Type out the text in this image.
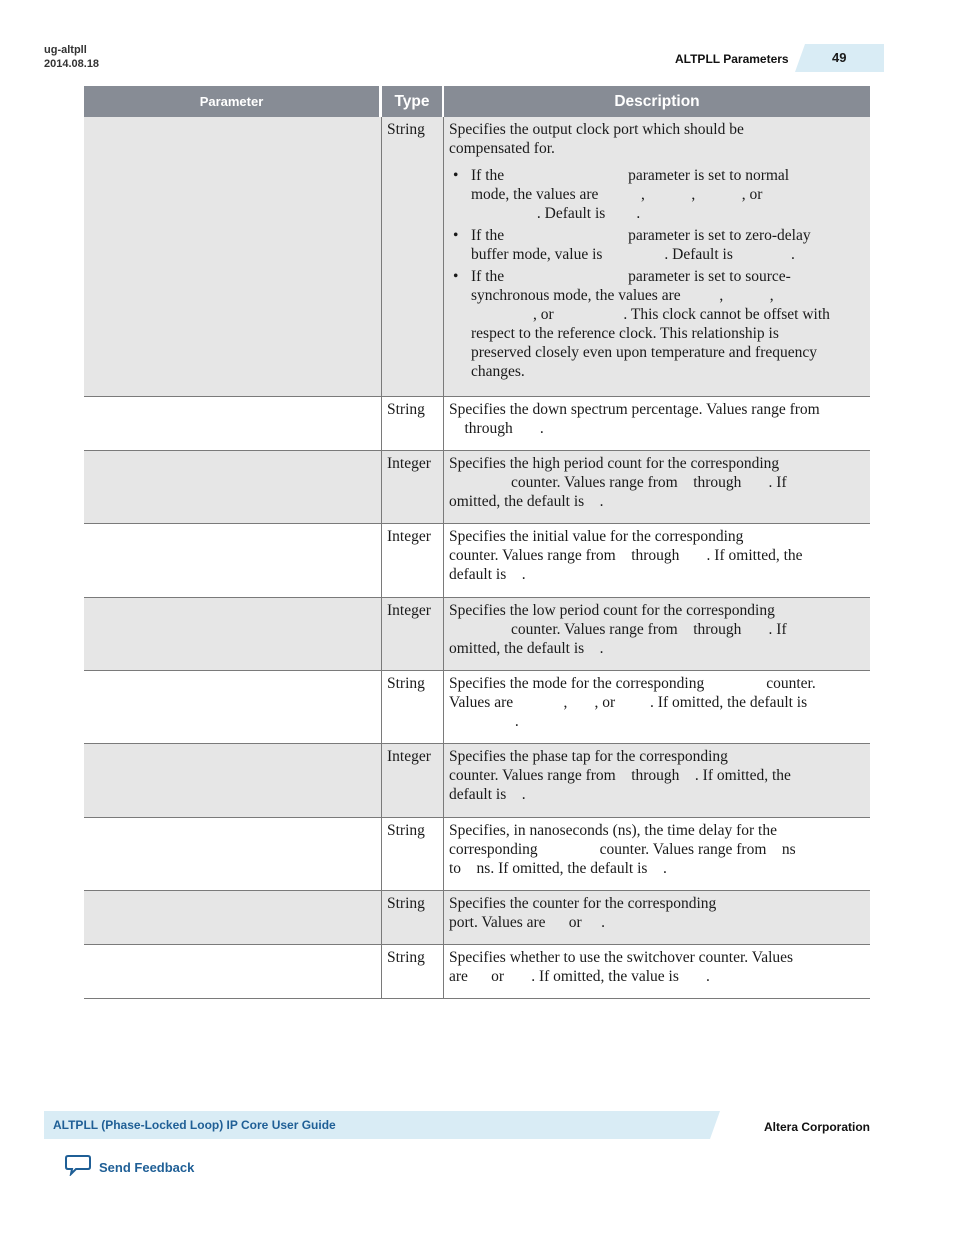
ug-altpll
2014.08.18	ALTPLL Parameters	49
Parameter	Type	Description
String	Specifies the output clock port which should be
compensated for.
• If the                                parameter is set to normal
mode, the values are           ,            ,            , or
. Default is        .
• If the                                parameter is set to zero-delay
buffer mode, value is                . Default is               .
• If the                                parameter is set to source-
synchronous mode, the values are          ,            ,
, or                  . This clock cannot be offset with
respect to the reference clock. This relationship is
preserved closely even upon temperature and frequency
changes.
String	Specifies the down spectrum percentage. Values range from
through       .
Integer	Specifies the high period count for the corresponding
counter. Values range from    through       . If
omitted, the default is    .
Integer	Specifies the initial value for the corresponding
counter. Values range from    through       . If omitted, the
default is    .
Integer	Specifies the low period count for the corresponding
counter. Values range from    through       . If
omitted, the default is    .
String	Specifies the mode for the corresponding                counter.
Values are             ,       , or         . If omitted, the default is
.
Integer	Specifies the phase tap for the corresponding
counter. Values range from    through    . If omitted, the
default is    .
String	Specifies, in nanoseconds (ns), the time delay for the
corresponding                counter. Values range from    ns
to    ns. If omitted, the default is    .
String	Specifies the counter for the corresponding
port. Values are      or     .
String	Specifies whether to use the switchover counter. Values
are      or       . If omitted, the value is       .
ALTPLL (Phase-Locked Loop) IP Core User Guide	Altera Corporation
Send Feedback
